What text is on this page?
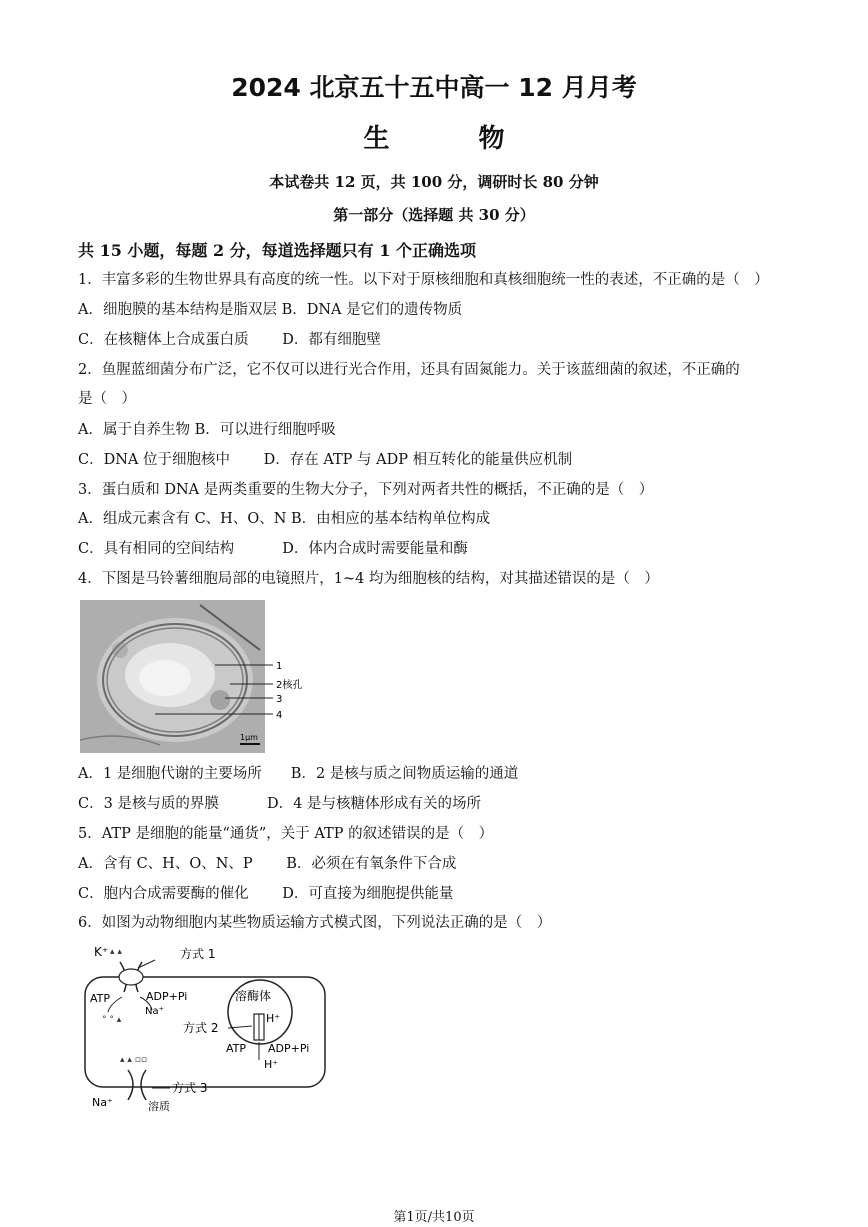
2024 北京五十五中高一 12 月月考
生 物
本试卷共 12 页，共 100 分，调研时长 80 分钟
第一部分（选择题 共 30 分）
共 15 小题，每题 2 分，每道选择题只有 1 个正确选项
1．丰富多彩的生物世界具有高度的统一性。以下对于原核细胞和真核细胞统一性的表述，不正确的是（　）
A．细胞膜的基本结构是脂双层 B．DNA 是它们的遗传物质
C．在核糖体上合成蛋白质　　 D．都有细胞壁
2．鱼腥蓝细菌分布广泛，它不仅可以进行光合作用，还具有固氮能力。关于该蓝细菌的叙述，不正确的
是（　）
A．属于自养生物 B．可以进行细胞呼吸
C．DNA 位于细胞核中　　 D．存在 ATP 与 ADP 相互转化的能量供应机制
3．蛋白质和 DNA 是两类重要的生物大分子，下列对两者共性的概括，不正确的是（　）
A．组成元素含有 C、H、O、N B．由相应的基本结构单位构成
C．具有相同的空间结构　　　 D．体内合成时需要能量和酶
4．下图是马铃薯细胞局部的电镜照片，1~4 均为细胞核的结构，对其描述错误的是（　）
1
2核孔
3
4
1μm
A．1 是细胞代谢的主要场所　　B．2 是核与质之间物质运输的通道
C．3 是核与质的界膜　　　 D．4 是与核糖体形成有关的场所
5．ATP 是细胞的能量“通货”，关于 ATP 的叙述错误的是（　）
A．含有 C、H、O、N、P　　 B．必须在有氧条件下合成
C．胞内合成需要酶的催化　　 D．可直接为细胞提供能量
6．如图为动物细胞内某些物质运输方式模式图，下列说法正确的是（　）
K⁺	方式 1
ATP	ADP+Pi
Na⁺
° ° ▴
▴ ▴
溶酶体
H⁺
方式 2
ATP ADP+Pi
H⁺
▴ ▴ ▫▫
方式 3
Na⁺	溶质
第1页/共10页
